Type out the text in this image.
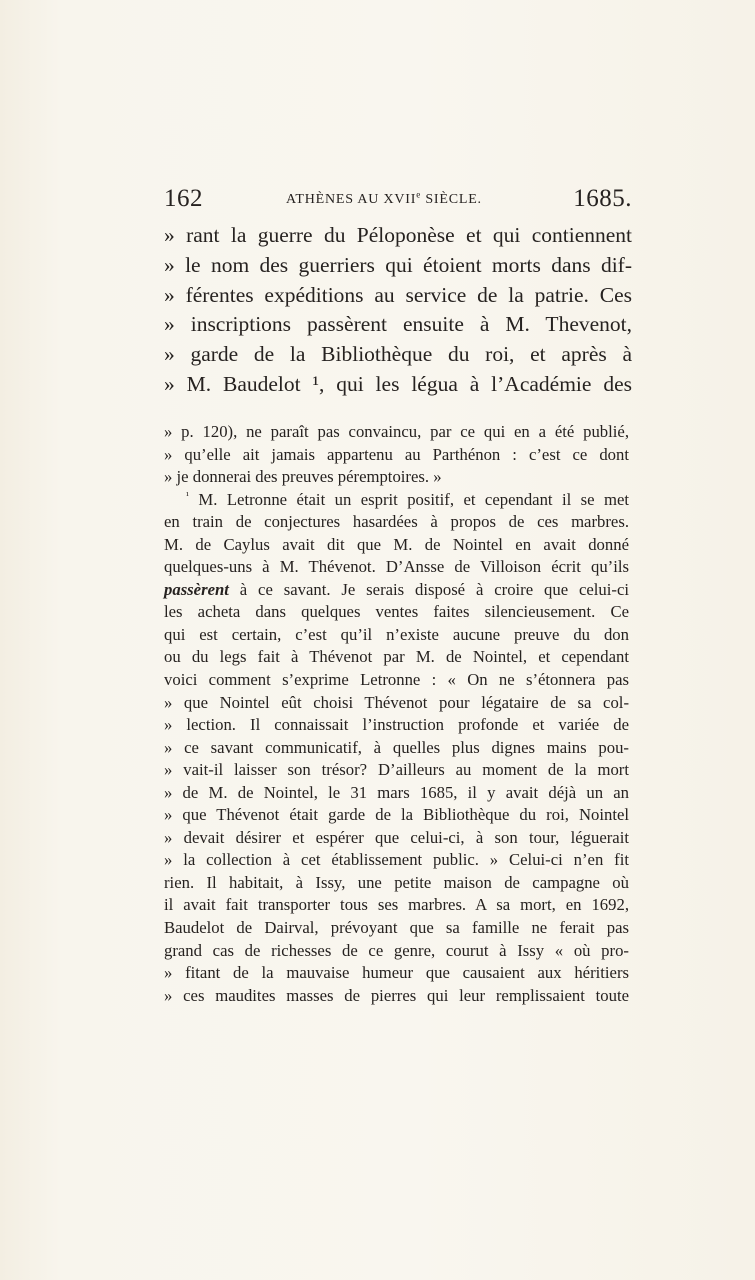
162	ATHÈNES AU XVIIe SIÈCLE.	1685.
» rant la guerre du Péloponèse et qui contiennent
» le nom des guerriers qui étoient morts dans dif-
» férentes expéditions au service de la patrie. Ces
» inscriptions passèrent ensuite à M. Thevenot,
» garde de la Bibliothèque du roi, et après à
» M. Baudelot ¹, qui les légua à l’Académie des
» p. 120), ne paraît pas convaincu, par ce qui en a été publié,
» qu’elle ait jamais appartenu au Parthénon : c’est ce dont
» je donnerai des preuves péremptoires. »
$^{^1}$ M. Letronne était un esprit positif, et cependant il se met
en train de conjectures hasardées à propos de ces marbres.
M. de Caylus avait dit que M. de Nointel en avait donné
quelques-uns à M. Thévenot. D’Ansse de Villoison écrit qu’ils
passèrent à ce savant. Je serais disposé à croire que celui-ci
les acheta dans quelques ventes faites silencieusement. Ce
qui est certain, c’est qu’il n’existe aucune preuve du don
ou du legs fait à Thévenot par M. de Nointel, et cependant
voici comment s’exprime Letronne : « On ne s’étonnera pas
» que Nointel eût choisi Thévenot pour légataire de sa col-
» lection. Il connaissait l’instruction profonde et variée de
» ce savant communicatif, à quelles plus dignes mains pou-
» vait-il laisser son trésor? D’ailleurs au moment de la mort
» de M. de Nointel, le 31 mars 1685, il y avait déjà un an
» que Thévenot était garde de la Bibliothèque du roi, Nointel
» devait désirer et espérer que celui-ci, à son tour, léguerait
» la collection à cet établissement public. » Celui-ci n’en fit
rien. Il habitait, à Issy, une petite maison de campagne où
il avait fait transporter tous ses marbres. A sa mort, en 1692,
Baudelot de Dairval, prévoyant que sa famille ne ferait pas
grand cas de richesses de ce genre, courut à Issy « où pro-
» fitant de la mauvaise humeur que causaient aux héritiers
» ces maudites masses de pierres qui leur remplissaient toute
